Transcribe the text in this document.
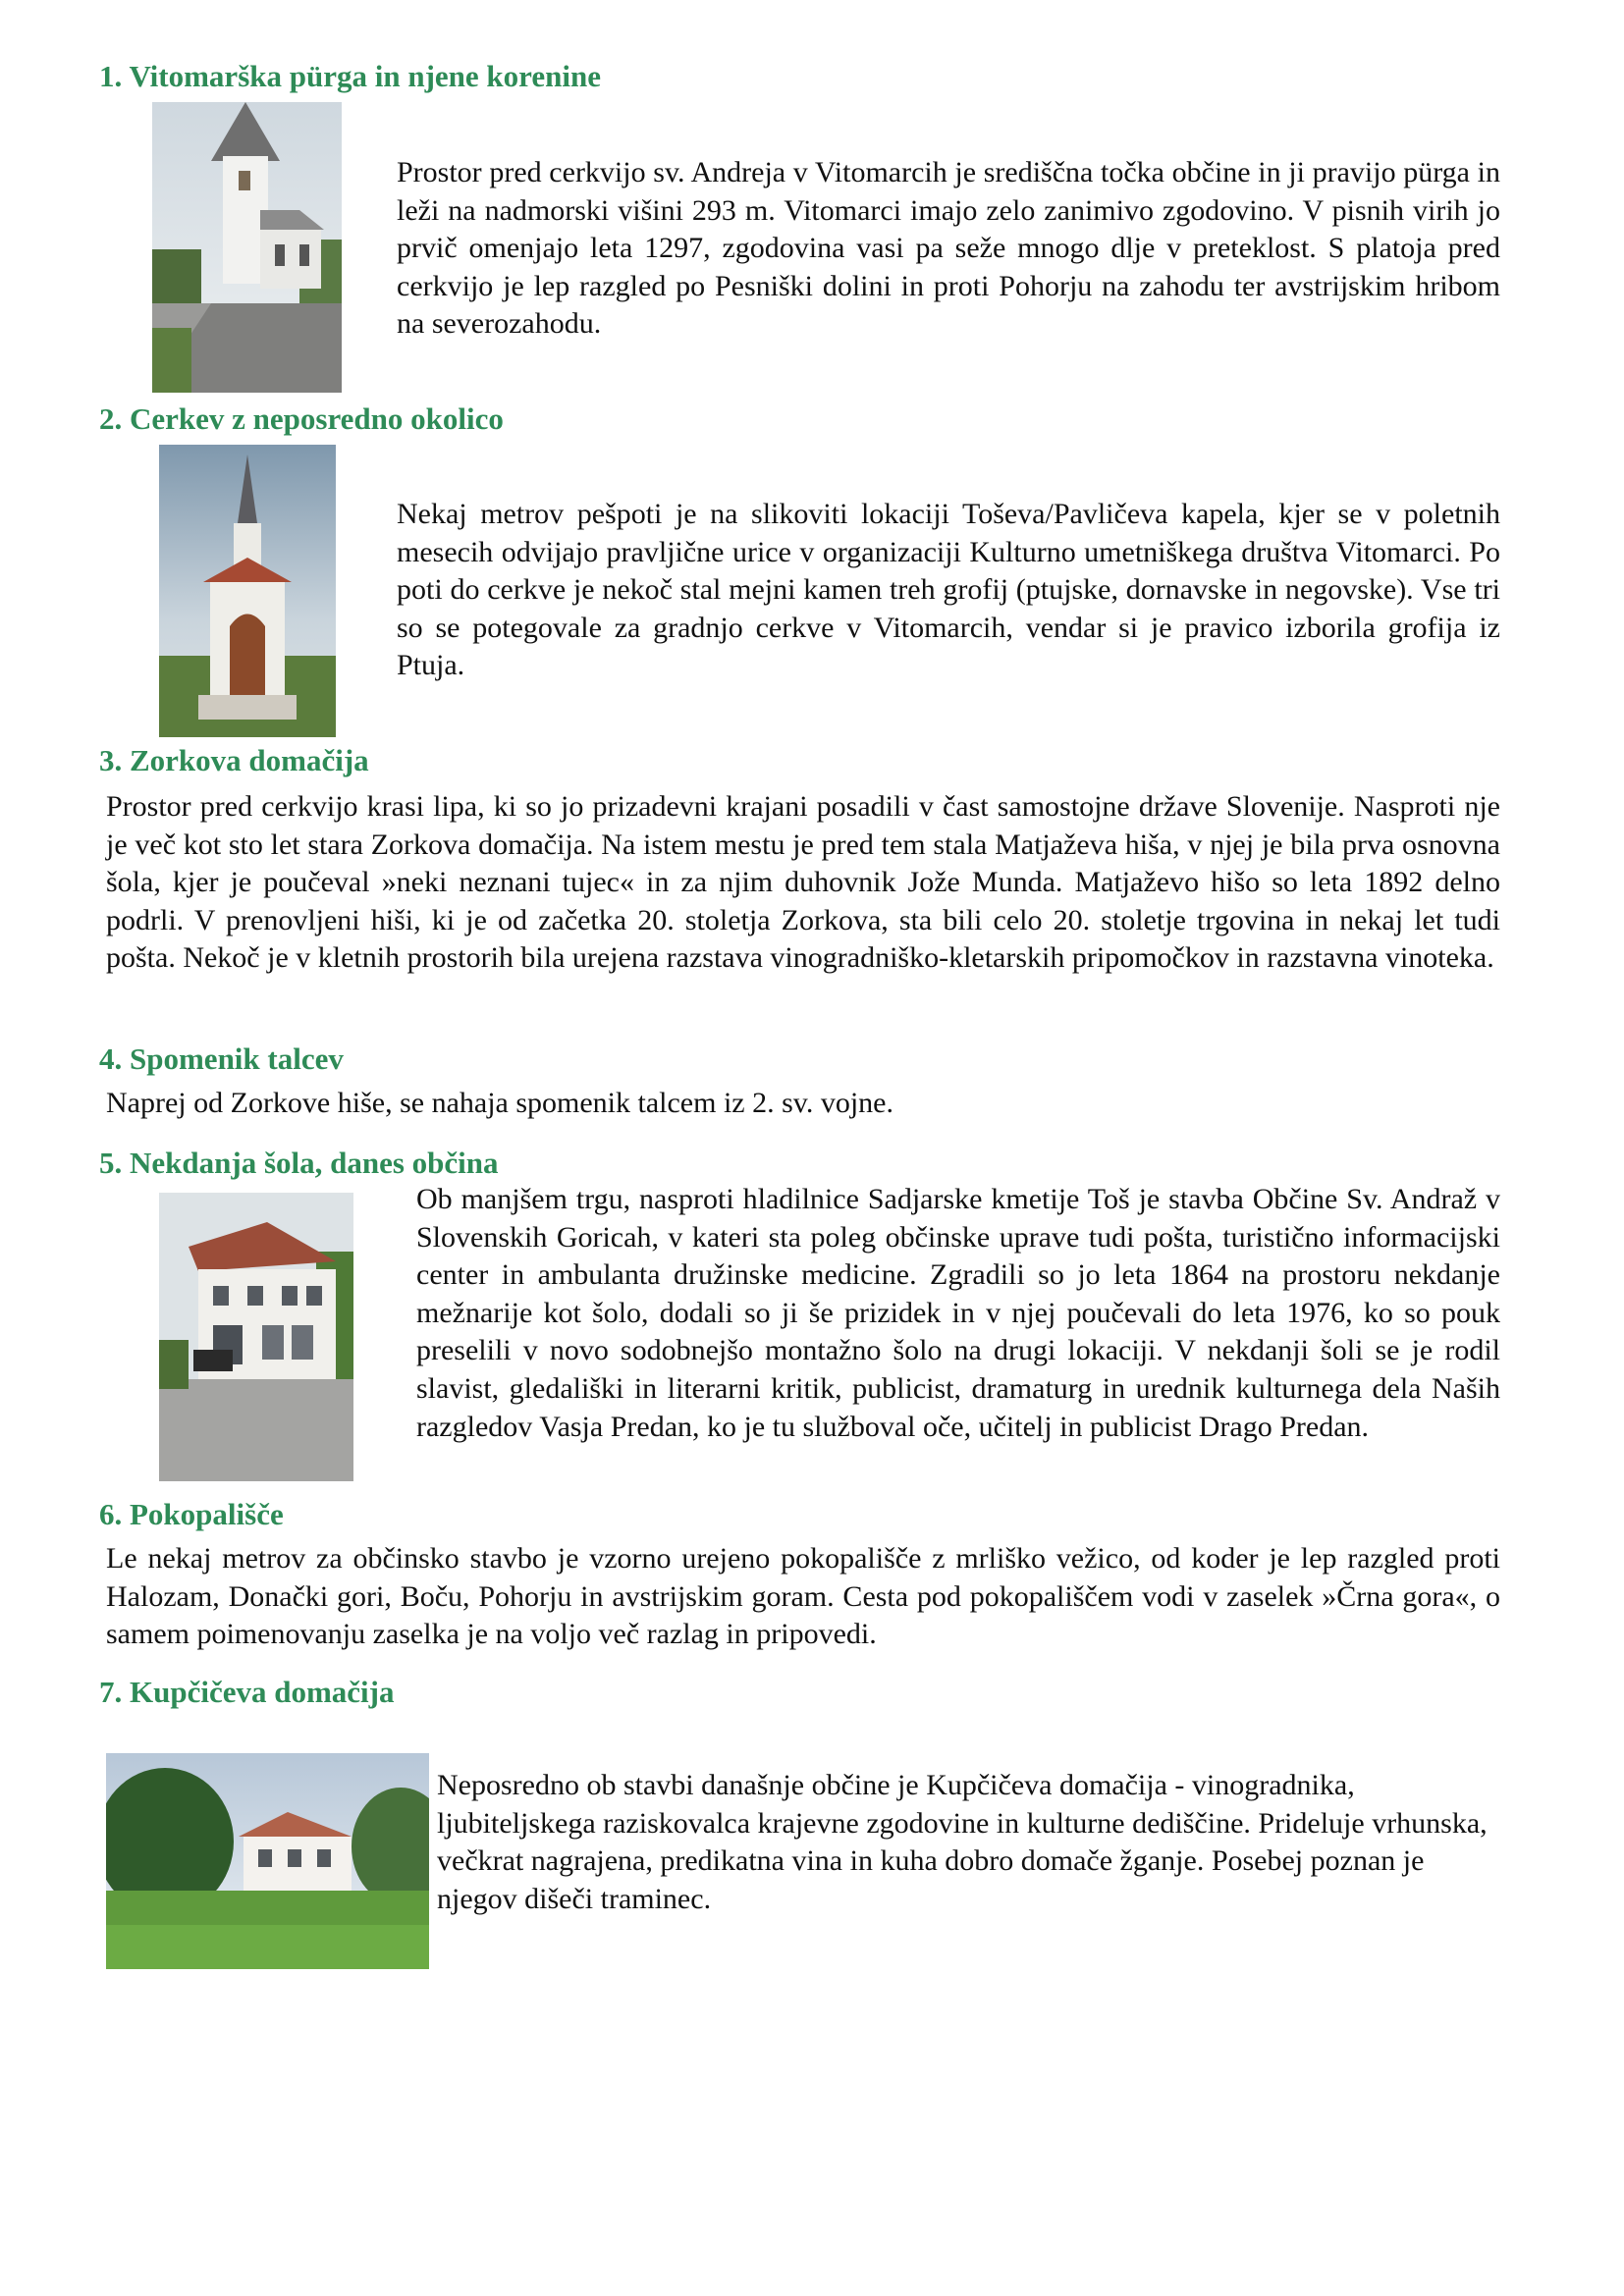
1. Vitomarška pürga in njene korenine

Prostor pred cerkvijo sv. Andreja v Vitomarcih je središčna točka občine in ji pravijo pürga in leži na nadmorski višini 293 m. Vitomarci imajo zelo zanimivo zgodovino. V pisnih virih jo prvič omenjajo leta 1297, zgodovina vasi pa seže mnogo dlje v preteklost. S platoja pred cerkvijo je lep razgled po Pesniški dolini in proti Pohorju na zahodu ter avstrijskim hribom na severozahodu.

2. Cerkev z neposredno okolico

Nekaj metrov pešpoti je na slikoviti lokaciji Toševa/Pavličeva kapela, kjer se v poletnih mesecih odvijajo pravljične urice v organizaciji Kulturno umetniškega društva Vitomarci. Po poti do cerkve je nekoč stal mejni kamen treh grofij (ptujske, dornavske in negovske). Vse tri so se potegovale za gradnjo cerkve v Vitomarcih, vendar si je pravico izborila grofija iz Ptuja.

3. Zorkova domačija

Prostor pred cerkvijo krasi lipa, ki so jo prizadevni krajani posadili v čast samostojne države Slovenije. Nasproti nje je več kot sto let stara Zorkova domačija. Na istem mestu je pred tem stala Matjaževa hiša, v njej je bila prva osnovna šola, kjer je poučeval »neki neznani tujec« in za njim duhovnik Jože Munda. Matjaževo hišo so leta 1892 delno podrli. V prenovljeni hiši, ki je od začetka 20. stoletja Zorkova, sta bili celo 20. stoletje trgovina in nekaj let tudi pošta. Nekoč je v kletnih prostorih bila urejena razstava vinogradniško-kletarskih pripomočkov in razstavna vinoteka.

4. Spomenik talcev

Naprej od Zorkove hiše, se nahaja spomenik talcem iz 2. sv. vojne.

5. Nekdanja šola, danes občina

Ob manjšem trgu, nasproti hladilnice Sadjarske kmetije Toš je stavba Občine Sv. Andraž v Slovenskih Goricah, v kateri sta poleg občinske uprave tudi pošta, turistično informacijski center in ambulanta družinske medicine. Zgradili so jo leta 1864 na prostoru nekdanje mežnarije kot šolo, dodali so ji še prizidek in v njej poučevali do leta 1976, ko so pouk preselili v novo sodobnejšo montažno šolo na drugi lokaciji. V nekdanji šoli se je rodil slavist, gledališki in literarni kritik, publicist, dramaturg in urednik kulturnega dela Naših razgledov Vasja Predan, ko je tu služboval oče, učitelj in publicist Drago Predan.

6. Pokopališče

Le nekaj metrov za občinsko stavbo je vzorno urejeno pokopališče z mrliško vežico, od koder je lep razgled proti Halozam, Donački gori, Boču, Pohorju in avstrijskim goram. Cesta pod pokopališčem vodi v zaselek »Črna gora«, o samem poimenovanju zaselka je na voljo več razlag in pripovedi.

7. Kupčičeva domačija

Neposredno ob stavbi današnje občine je Kupčičeva domačija - vinogradnika, ljubiteljskega raziskovalca krajevne zgodovine in kulturne dediščine. Prideluje vrhunska, večkrat nagrajena, predikatna vina in kuha dobro domače žganje. Posebej poznan je njegov dišeči traminec.
